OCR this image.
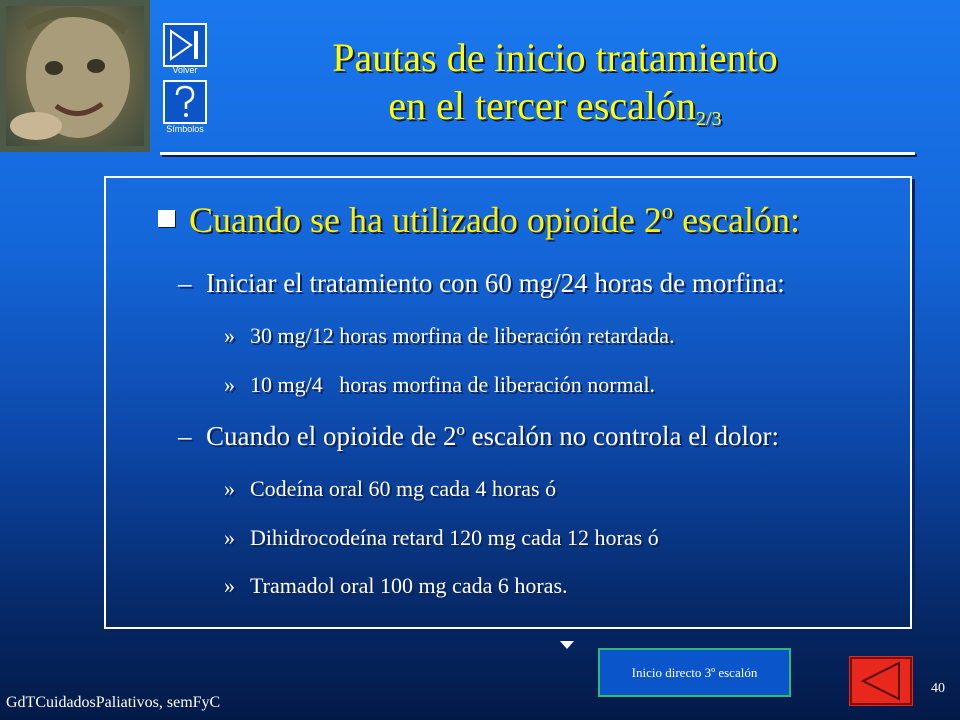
Volver
Símbolos
Pautas de inicio tratamiento
en el tercer escalón$_{2/3}$
Cuando se ha utilizado opioide 2º escalón:
– Iniciar el tratamiento con 60 mg/24 horas de morfina:
» 30 mg/12 horas morfina de liberación retardada.
» 10 mg/4   horas morfina de liberación normal.
– Cuando el opioide de 2º escalón no controla el dolor:
» Codeína oral 60 mg cada 4 horas ó
» Dihidrocodeína retard 120 mg cada 12 horas ó
» Tramadol oral 100 mg cada 6 horas.
Inicio directo 3º escalón
GdTCuidadosPaliativos, semFyC
40
